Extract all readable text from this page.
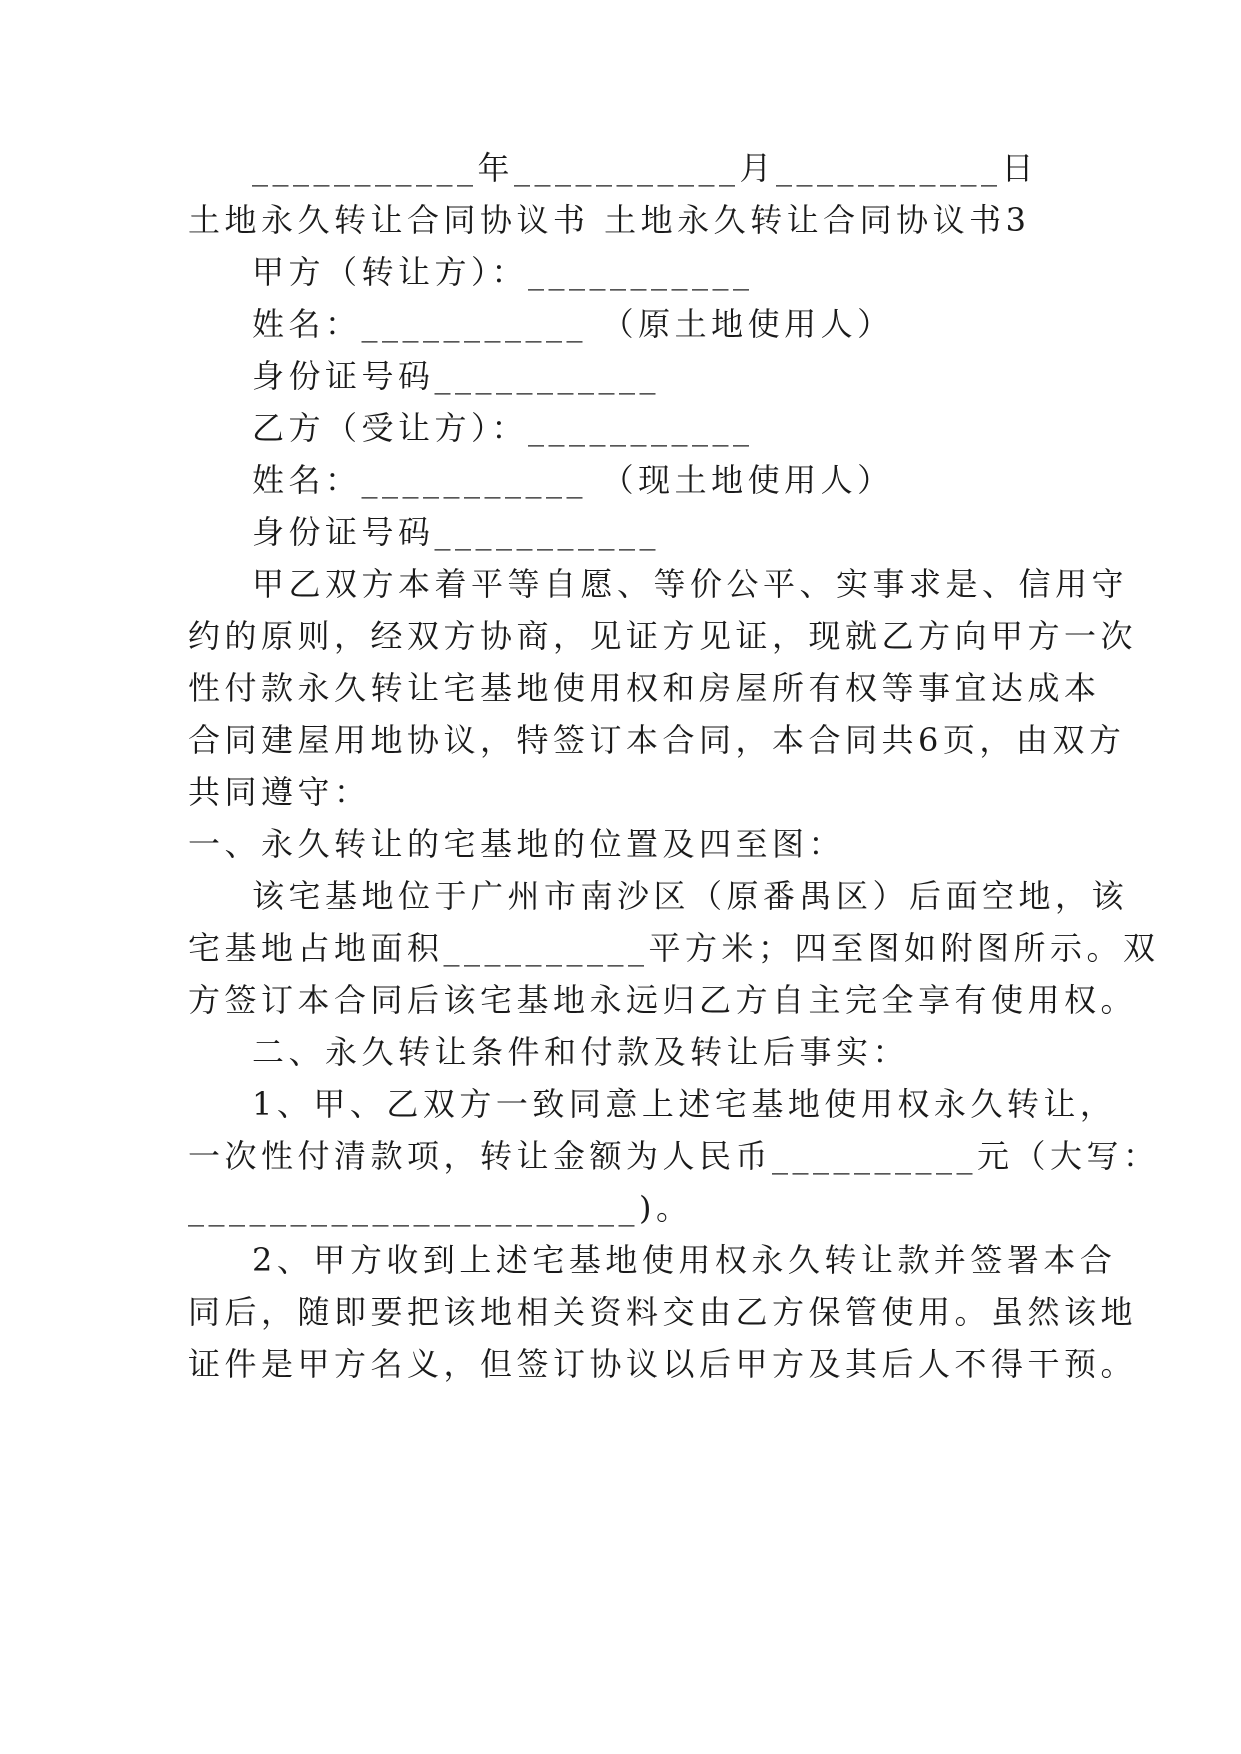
___________年___________月___________日
土地永久转让合同协议书 土地永久转让合同协议书3
甲方（转让方）：___________
姓名：___________ （原土地使用人）
身份证号码___________
乙方（受让方）：___________
姓名：___________ （现土地使用人）
身份证号码___________
甲乙双方本着平等自愿、等价公平、实事求是、信用守
约的原则，经双方协商，见证方见证，现就乙方向甲方一次
性付款永久转让宅基地使用权和房屋所有权等事宜达成本
合同建屋用地协议，特签订本合同，本合同共6页，由双方
共同遵守：
一、永久转让的宅基地的位置及四至图：
该宅基地位于广州市南沙区（原番禺区）后面空地，该
宅基地占地面积__________平方米；四至图如附图所示。双
方签订本合同后该宅基地永远归乙方自主完全享有使用权。
二、永久转让条件和付款及转让后事实：
1、甲、乙双方一致同意上述宅基地使用权永久转让，
一次性付清款项，转让金额为人民币__________元（大写：
______________________)。
2、甲方收到上述宅基地使用权永久转让款并签署本合
同后，随即要把该地相关资料交由乙方保管使用。虽然该地
证件是甲方名义，但签订协议以后甲方及其后人不得干预。
